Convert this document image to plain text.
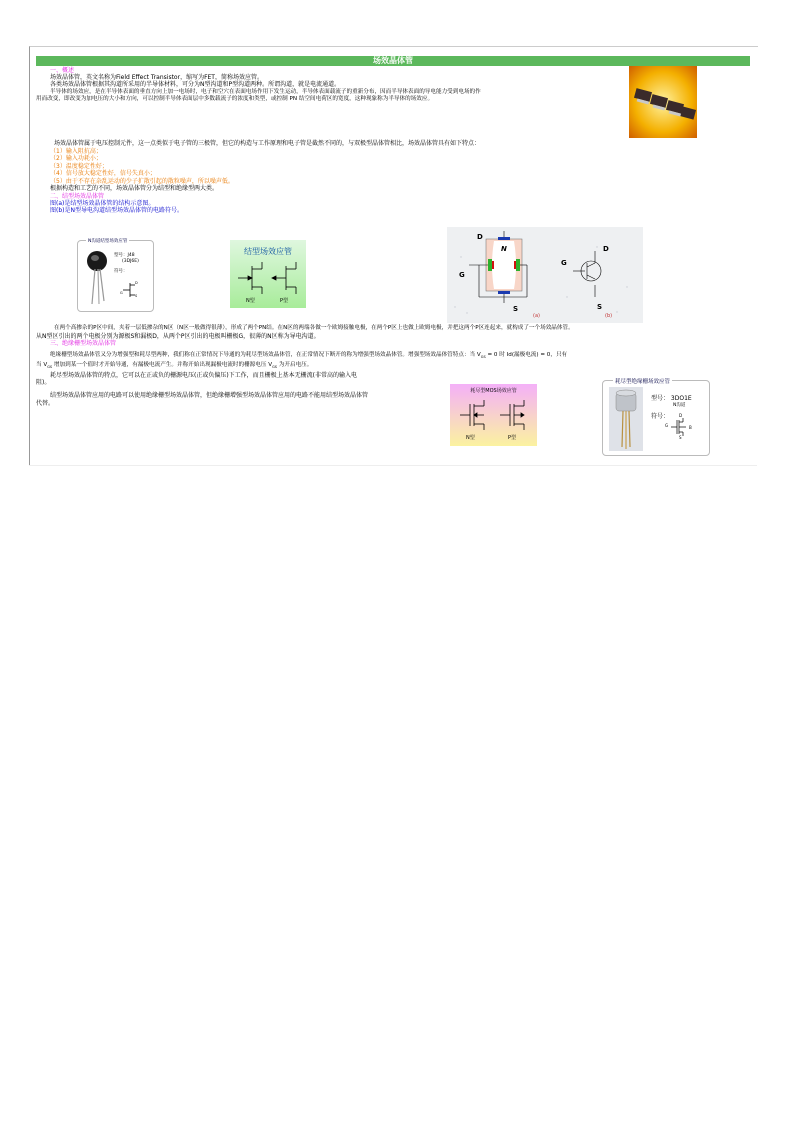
场效晶体管
一、概述
场效晶体管，英文名称为Field Effect Transistor，缩写为FET，简称场效应管。
各类场效晶体管根据其沟道所采用的半导体材料，可分为N型沟道和P型沟道两种。所谓沟道，就是电流通道。
半导体的场效应，是在半导体表面的垂直方向上加一电场时，电子和空穴在表面电场作用下发生运动，半导体表面载流子的重新分布，因而半导体表面的导电能力受到电场的作
用而改变，即改变为加电压的大小和方向，可以控制半导体表面层中多数载流子的浓度和类型，或控制 PN 结空间电荷区的宽度，这种现象称为半导体的场效应。
场效晶体管属于电压控制元件，这一点类似于电子管的三极管，但它的构造与工作原理和电子管是截然不同的，与双极型晶体管相比，场效晶体管具有如下特点：
（1）输入阻抗高；
（2）输入功耗小；
（3）温度稳定性好；
（4）信号放大稳定性好，信号失真小；
（5）由于不存在杂乱运动的少子扩散引起的散粒噪声，所以噪声低。
根据构造和工艺的不同，场效晶体管分为结型和绝缘型两大类。
二、结型场效晶体管
图(a)是结型场效晶体管的结构示意图。
图(b)是N型导电沟道结型场效晶体管的电路符号。
N沟道结型场效应管
型号：J48
(3DJ6E)
符号：
G
S
D
结型场效应管
N型	P型
D
G
S
N
(a)	(b)
D
G
S
在两个高掺杂的P区中间，夹着一层低掺杂的N区（N区一般做得很薄），形成了两个PN结。在N区的两端各做一个欧姆接触电极，在两个P区上也做上欧姆电极，并把这两个P区连起来，就构成了一个场效晶体管。
从N型区引出的两个电极分别为源极S和漏极D，从两个P区引出的电极叫栅极G，很薄的N区称为导电沟道。
三、绝缘栅型场效晶体管
绝缘栅型场效晶体管又分为增强型和耗尽型两种，我们称在正常情况下导通的为耗尽型场效晶体管，在正常情况下断开的称为增强型场效晶体管。增强型场效晶体管特点：当 $V_{GS} = 0$ 时 Id(漏极电流) = 0，只有
当 $V_{GS}$ 增加到某一个值时才开始导通，有漏极电流产生。并称开始出现漏极电流时的栅源电压 $V_{GS}$ 为开启电压。
耗尽型场效晶体管的特点，它可以在正或负的栅源电压(正或负偏压)下工作，而且栅极上基本无栅流(非常高的输入电
阻)。
结型场效晶体管应用的电路可以使用绝缘栅型场效晶体管，但绝缘栅增强型场效晶体管应用的电路不能用结型场效晶体管
代替。
耗尽型MOS场效应管
N型	P型
耗尽型绝缘栅场效应管
型号： 3DO1E
N沟道
符号： D
G	B
S
